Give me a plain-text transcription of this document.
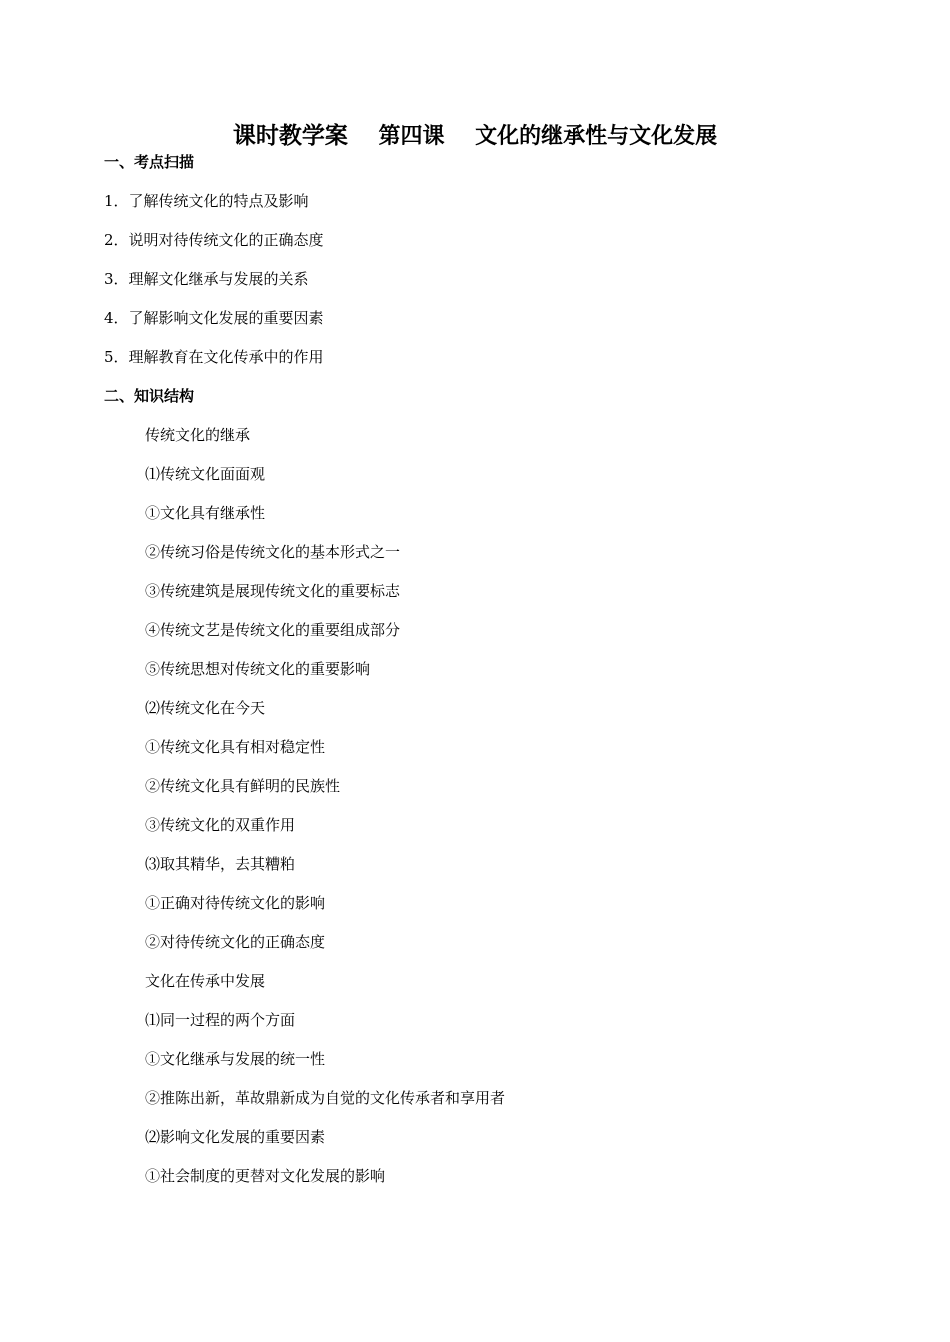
课时教学案 第四课 文化的继承性与文化发展
一、考点扫描
1．了解传统文化的特点及影响
2．说明对待传统文化的正确态度
3．理解文化继承与发展的关系
4．了解影响文化发展的重要因素
5．理解教育在文化传承中的作用
二、知识结构
传统文化的继承
⑴传统文化面面观
①文化具有继承性
②传统习俗是传统文化的基本形式之一
③传统建筑是展现传统文化的重要标志
④传统文艺是传统文化的重要组成部分
⑤传统思想对传统文化的重要影响
⑵传统文化在今天
①传统文化具有相对稳定性
②传统文化具有鲜明的民族性
③传统文化的双重作用
⑶取其精华，去其糟粕
①正确对待传统文化的影响
②对待传统文化的正确态度
文化在传承中发展
⑴同一过程的两个方面
①文化继承与发展的统一性
②推陈出新，革故鼎新成为自觉的文化传承者和享用者
⑵影响文化发展的重要因素
①社会制度的更替对文化发展的影响
